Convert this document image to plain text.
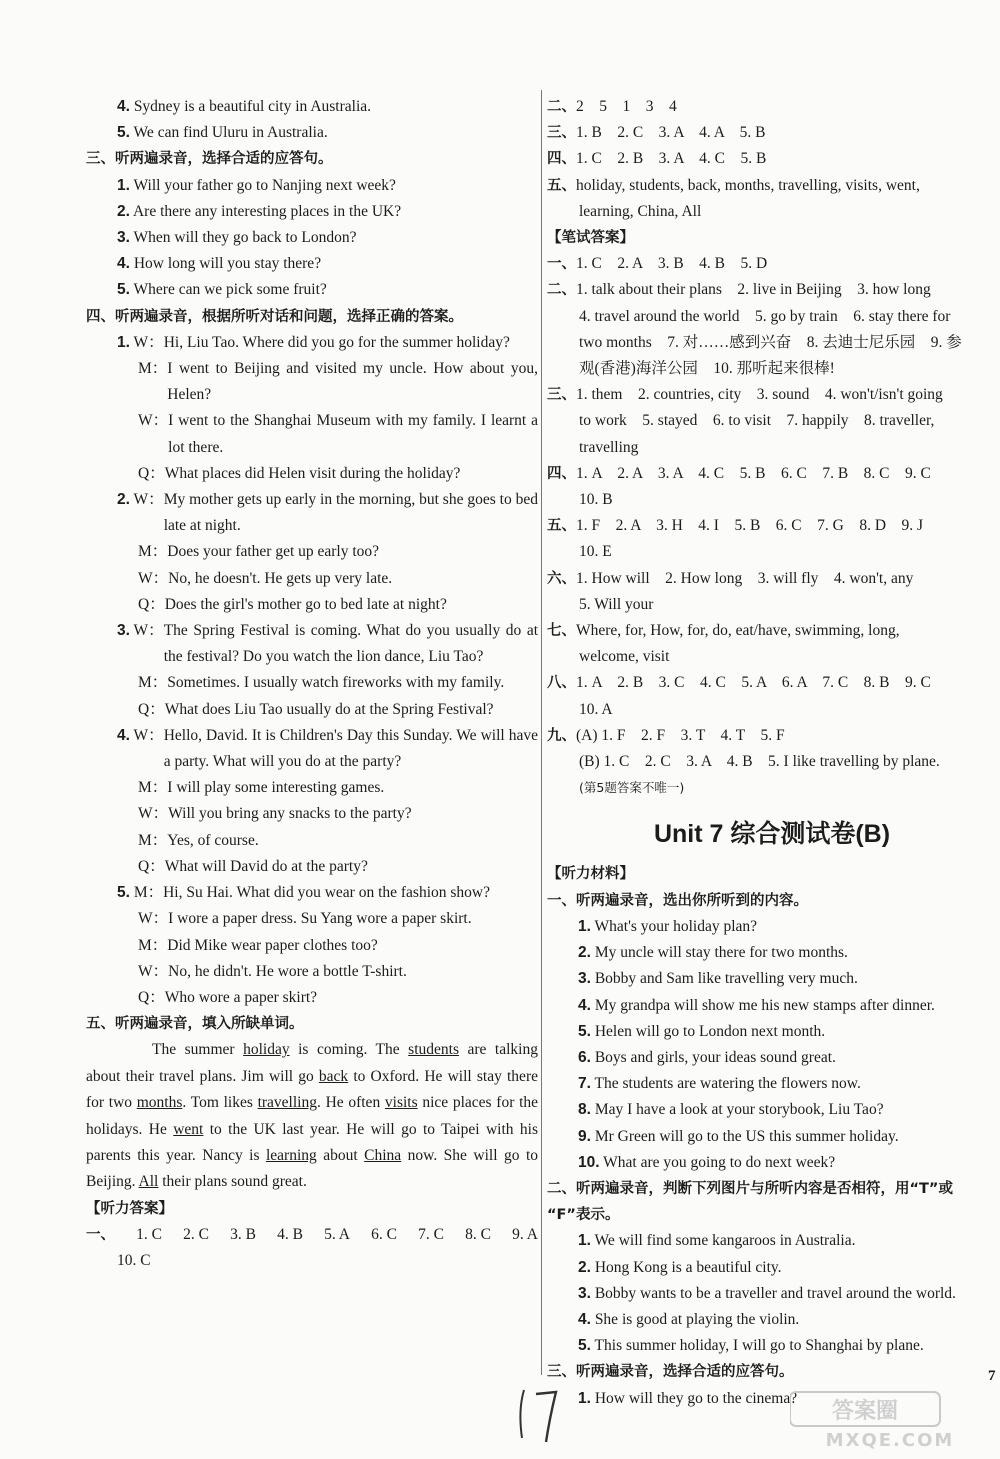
4. Sydney is a beautiful city in Australia.
5. We can find Uluru in Australia.
三、听两遍录音，选择合适的应答句。
1. Will your father go to Nanjing next week?
2. Are there any interesting places in the UK?
3. When will they go back to London?
4. How long will you stay there?
5. Where can we pick some fruit?
四、听两遍录音，根据所听对话和问题，选择正确的答案。
1. W： Hi, Liu Tao. Where did you go for the summer holiday?
M： I went to Beijing and visited my uncle. How about you, Helen?
W： I went to the Shanghai Museum with my family. I learnt a lot there.
Q： What places did Helen visit during the holiday?
2. W： My mother gets up early in the morning, but she goes to bed late at night.
M： Does your father get up early too?
W： No, he doesn't. He gets up very late.
Q： Does the girl's mother go to bed late at night?
3. W： The Spring Festival is coming. What do you usually do at the festival? Do you watch the lion dance, Liu Tao?
M： Sometimes. I usually watch fireworks with my family.
Q： What does Liu Tao usually do at the Spring Festival?
4. W： Hello, David. It is Children's Day this Sunday. We will have a party. What will you do at the party?
M： I will play some interesting games.
W： Will you bring any snacks to the party?
M： Yes, of course.
Q： What will David do at the party?
5. M： Hi, Su Hai. What did you wear on the fashion show?
W： I wore a paper dress. Su Yang wore a paper skirt.
M： Did Mike wear paper clothes too?
W： No, he didn't. He wore a bottle T-shirt.
Q： Who wore a paper skirt?
五、听两遍录音，填入所缺单词。
The summer holiday is coming. The students are talking about their travel plans. Jim will go back to Oxford. He will stay there for two months. Tom likes travelling. He often visits nice places for the holidays. He went to the UK last year. He will go to Taipei with his parents this year. Nancy is learning about China now. She will go to Beijing. All their plans sound great.
【听力答案】
一、 1. C 2. C 3. B 4. B 5. A 6. C 7. C 8. C 9. A
10. C
二、2　5　1　3　4
三、1. B　2. C　3. A　4. A　5. B
四、1. C　2. B　3. A　4. C　5. B
五、holiday, students, back, months, travelling, visits, went,
learning, China, All
【笔试答案】
一、1. C　2. A　3. B　4. B　5. D
二、1. talk about their plans　2. live in Beijing　3. how long
4. travel around the world　5. go by train　6. stay there for
two months　7. 对……感到兴奋　8. 去迪士尼乐园　9. 参
观(香港)海洋公园　10. 那听起来很棒!
三、1. them　2. countries, city　3. sound　4. won't/isn't going
to work　5. stayed　6. to visit　7. happily　8. traveller,
travelling
四、1. A　2. A　3. A　4. C　5. B　6. C　7. B　8. C　9. C
10. B
五、1. F　2. A　3. H　4. I　5. B　6. C　7. G　8. D　9. J
10. E
六、1. How will　2. How long　3. will fly　4. won't, any
5. Will your
七、Where, for, How, for, do, eat/have, swimming, long,
welcome, visit
八、1. A　2. B　3. C　4. C　5. A　6. A　7. C　8. B　9. C
10. A
九、(A) 1. F　2. F　3. T　4. T　5. F
(B) 1. C　2. C　3. A　4. B　5. I like travelling by plane.
(第5题答案不唯一)
Unit 7 综合测试卷(B)
【听力材料】
一、听两遍录音，选出你所听到的内容。
1. What's your holiday plan?
2. My uncle will stay there for two months.
3. Bobby and Sam like travelling very much.
4. My grandpa will show me his new stamps after dinner.
5. Helen will go to London next month.
6. Boys and girls, your ideas sound great.
7. The students are watering the flowers now.
8. May I have a look at your storybook, Liu Tao?
9. Mr Green will go to the US this summer holiday.
10. What are you going to do next week?
二、听两遍录音，判断下列图片与所听内容是否相符，用“T”或
“F”表示。
1. We will find some kangaroos in Australia.
2. Hong Kong is a beautiful city.
3. Bobby wants to be a traveller and travel around the world.
4. She is good at playing the violin.
5. This summer holiday, I will go to Shanghai by plane.
三、听两遍录音，选择合适的应答句。
1. How will they go to the cinema?
7
答案圈
MXQE.COM
